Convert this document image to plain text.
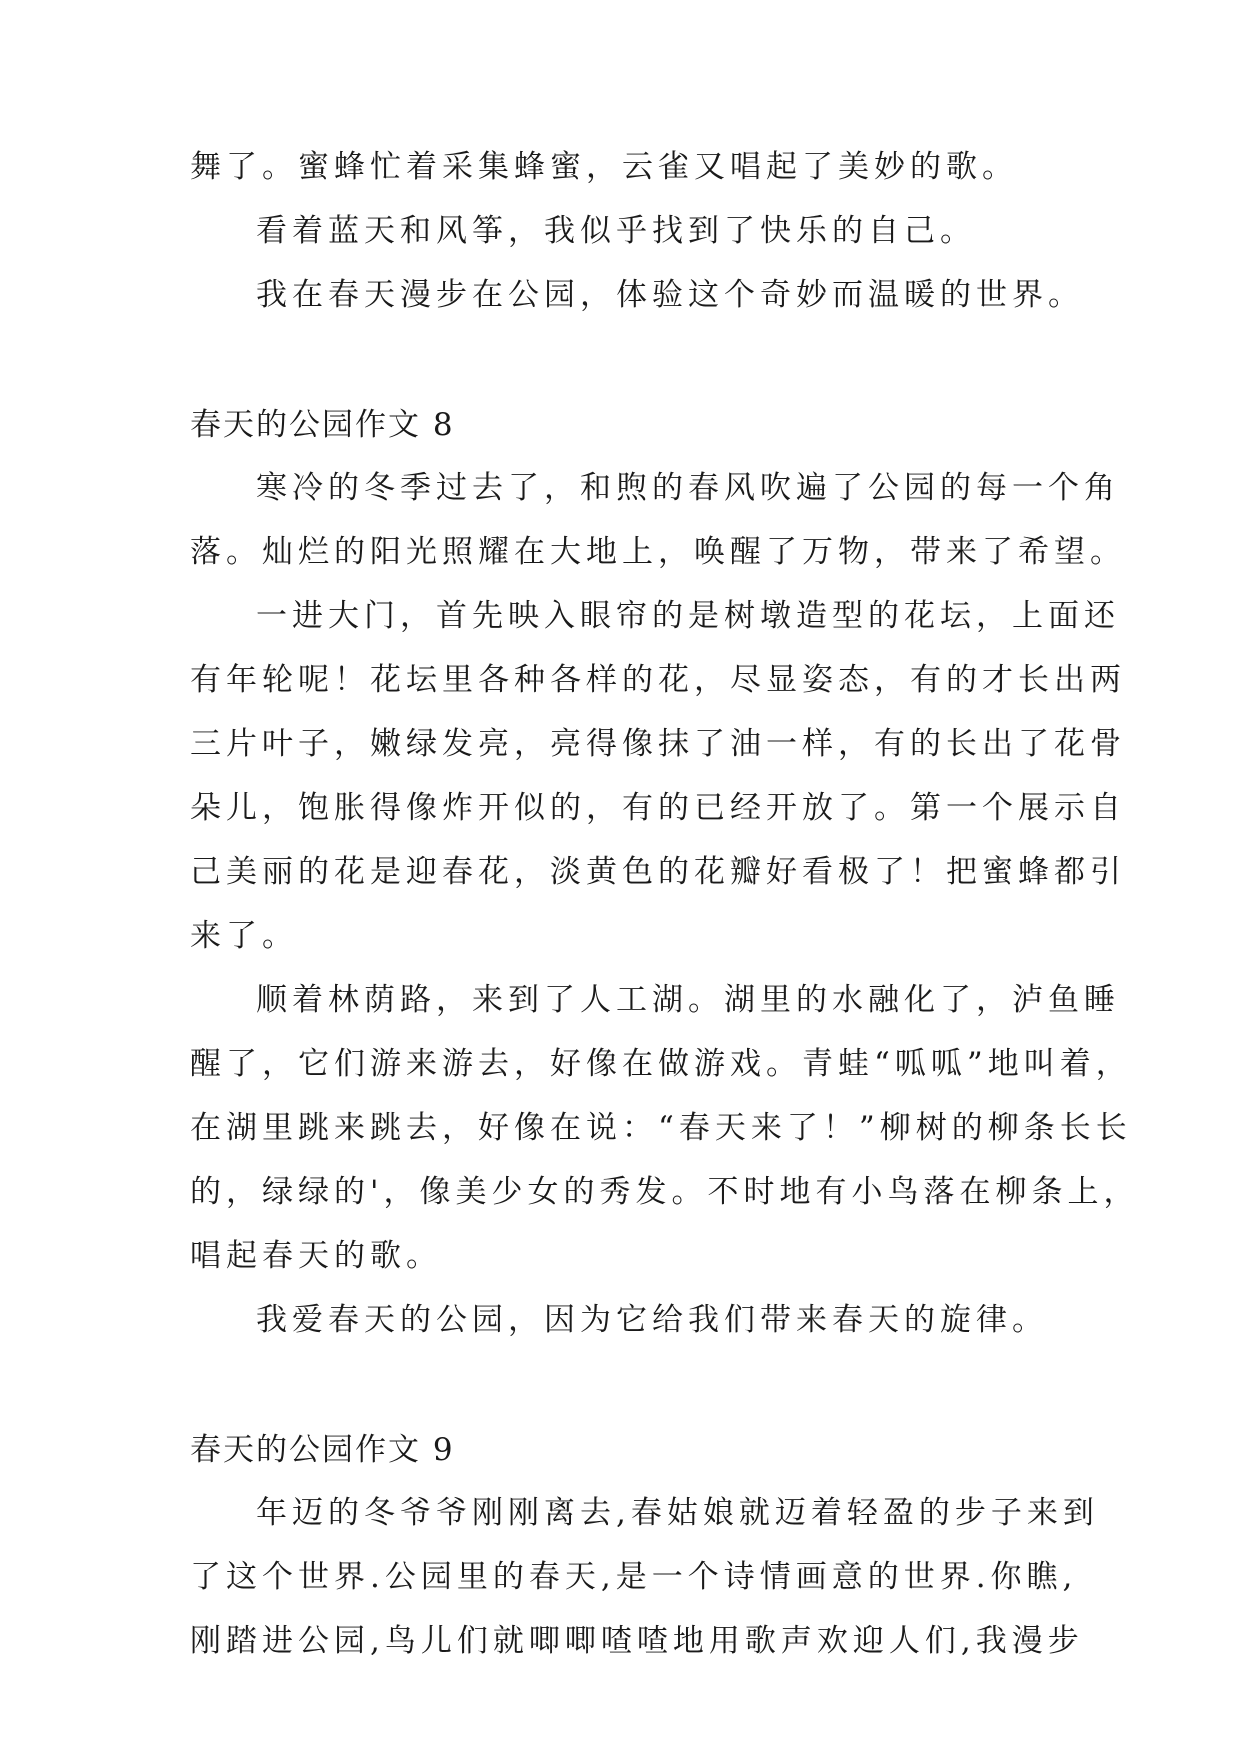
舞了。蜜蜂忙着采集蜂蜜，云雀又唱起了美妙的歌。
看着蓝天和风筝，我似乎找到了快乐的自己。
我在春天漫步在公园，体验这个奇妙而温暖的世界。
春天的公园作文 8
寒冷的冬季过去了，和煦的春风吹遍了公园的每一个角
落。灿烂的阳光照耀在大地上，唤醒了万物，带来了希望。
一进大门，首先映入眼帘的是树墩造型的花坛，上面还
有年轮呢！花坛里各种各样的花，尽显姿态，有的才长出两
三片叶子，嫩绿发亮，亮得像抹了油一样，有的长出了花骨
朵儿，饱胀得像炸开似的，有的已经开放了。第一个展示自
己美丽的花是迎春花，淡黄色的花瓣好看极了！把蜜蜂都引
来了。
顺着林荫路，来到了人工湖。湖里的水融化了，泸鱼睡
醒了，它们游来游去，好像在做游戏。青蛙“呱呱”地叫着，
在湖里跳来跳去，好像在说：“春天来了！”柳树的柳条长长
的，绿绿的'，像美少女的秀发。不时地有小鸟落在柳条上，
唱起春天的歌。
我爱春天的公园，因为它给我们带来春天的旋律。
春天的公园作文 9
年迈的冬爷爷刚刚离去,春姑娘就迈着轻盈的步子来到
了这个世界.公园里的春天,是一个诗情画意的世界.你瞧,
刚踏进公园,鸟儿们就唧唧喳喳地用歌声欢迎人们,我漫步
